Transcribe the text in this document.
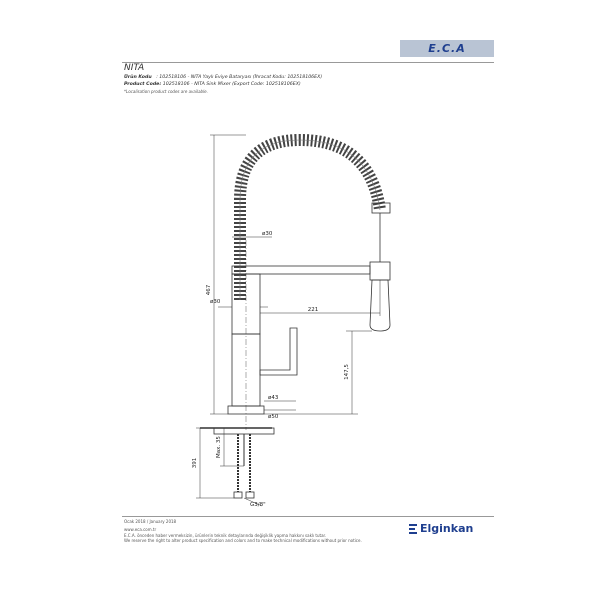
E.C.A
NITA
Ürün Kodu : 102518106 - NITA Yaylı Eviye Bataryası (İhracat Kodu: 102518106EX)
Product Code: 102518106 - NITA Sink Mixer (Export Code: 102518106EX)
*Localisation product codes are available.
467
ø30
ø30
221
147,5
ø43
ø50
391
Max. 35
G3/8"
Ocak 2018 / January 2018
www.eca.com.tr
E.C.A. önceden haber vermeksizin, ürünlerin teknik detaylarında değişiklik yapma hakkını saklı tutar.
We reserve the right to alter product specification and colors and to make technical modifications without prior notice.
Elginkan
